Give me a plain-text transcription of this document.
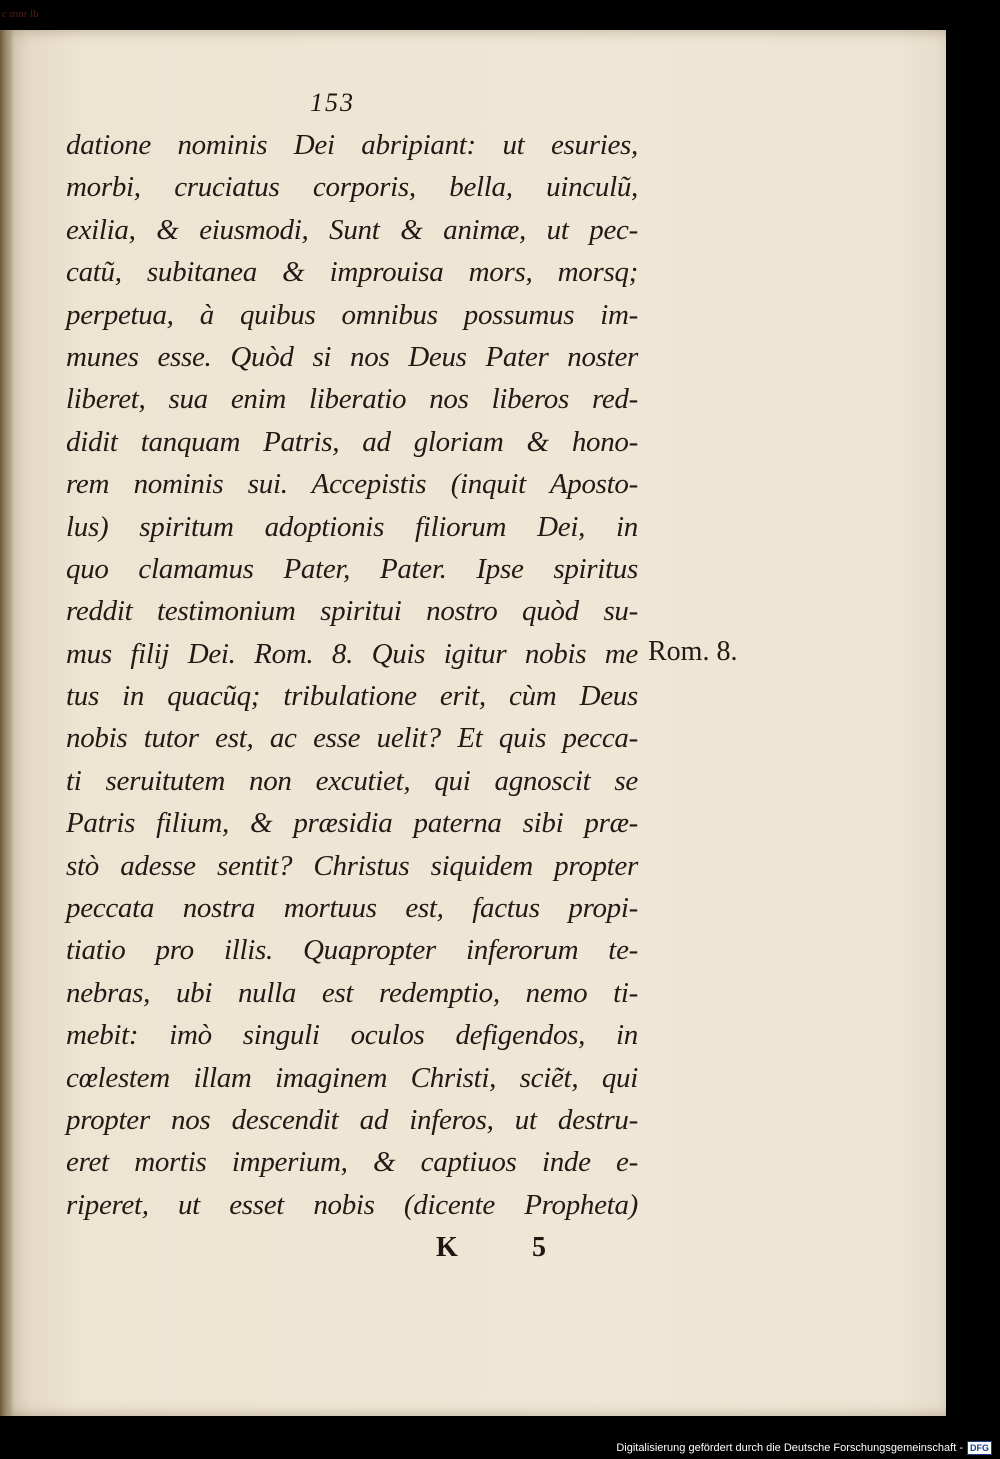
c mnr lb
153
datione nominis Dei abripiant: ut esuries,
morbi, cruciatus corporis, bella, uinculũ,
exilia, & eiusmodi, Sunt & animæ, ut pec-
catũ, subitanea & improuisa mors, morsq;
perpetua, à quibus omnibus possumus im-
munes esse. Quòd si nos Deus Pater noster
liberet, sua enim liberatio nos liberos red-
didit tanquam Patris, ad gloriam & hono-
rem nominis sui. Accepistis (inquit Aposto-
lus) spiritum adoptionis filiorum Dei, in
quo clamamus Pater, Pater. Ipse spiritus
reddit testimonium spiritui nostro quòd su-
mus filij Dei. Rom. 8. Quis igitur nobis me
tus in quacũq; tribulatione erit, cùm Deus
nobis tutor est, ac esse uelit? Et quis pecca-
ti seruitutem non excutiet, qui agnoscit se
Patris filium, & præsidia paterna sibi præ-
stò adesse sentit? Christus siquidem propter
peccata nostra mortuus est, factus propi-
tiatio pro illis. Quapropter inferorum te-
nebras, ubi nulla est redemptio, nemo ti-
mebit: imò singuli oculos defigendos, in
cœlestem illam imaginem Christi, sciẽt, qui
propter nos descendit ad inferos, ut destru-
eret mortis imperium, & captiuos inde e-
riperet, ut esset nobis (dicente Propheta)
Rom. 8.
K	5
Digitalisierung gefördert durch die Deutsche Forschungsgemeinschaft - DFG
